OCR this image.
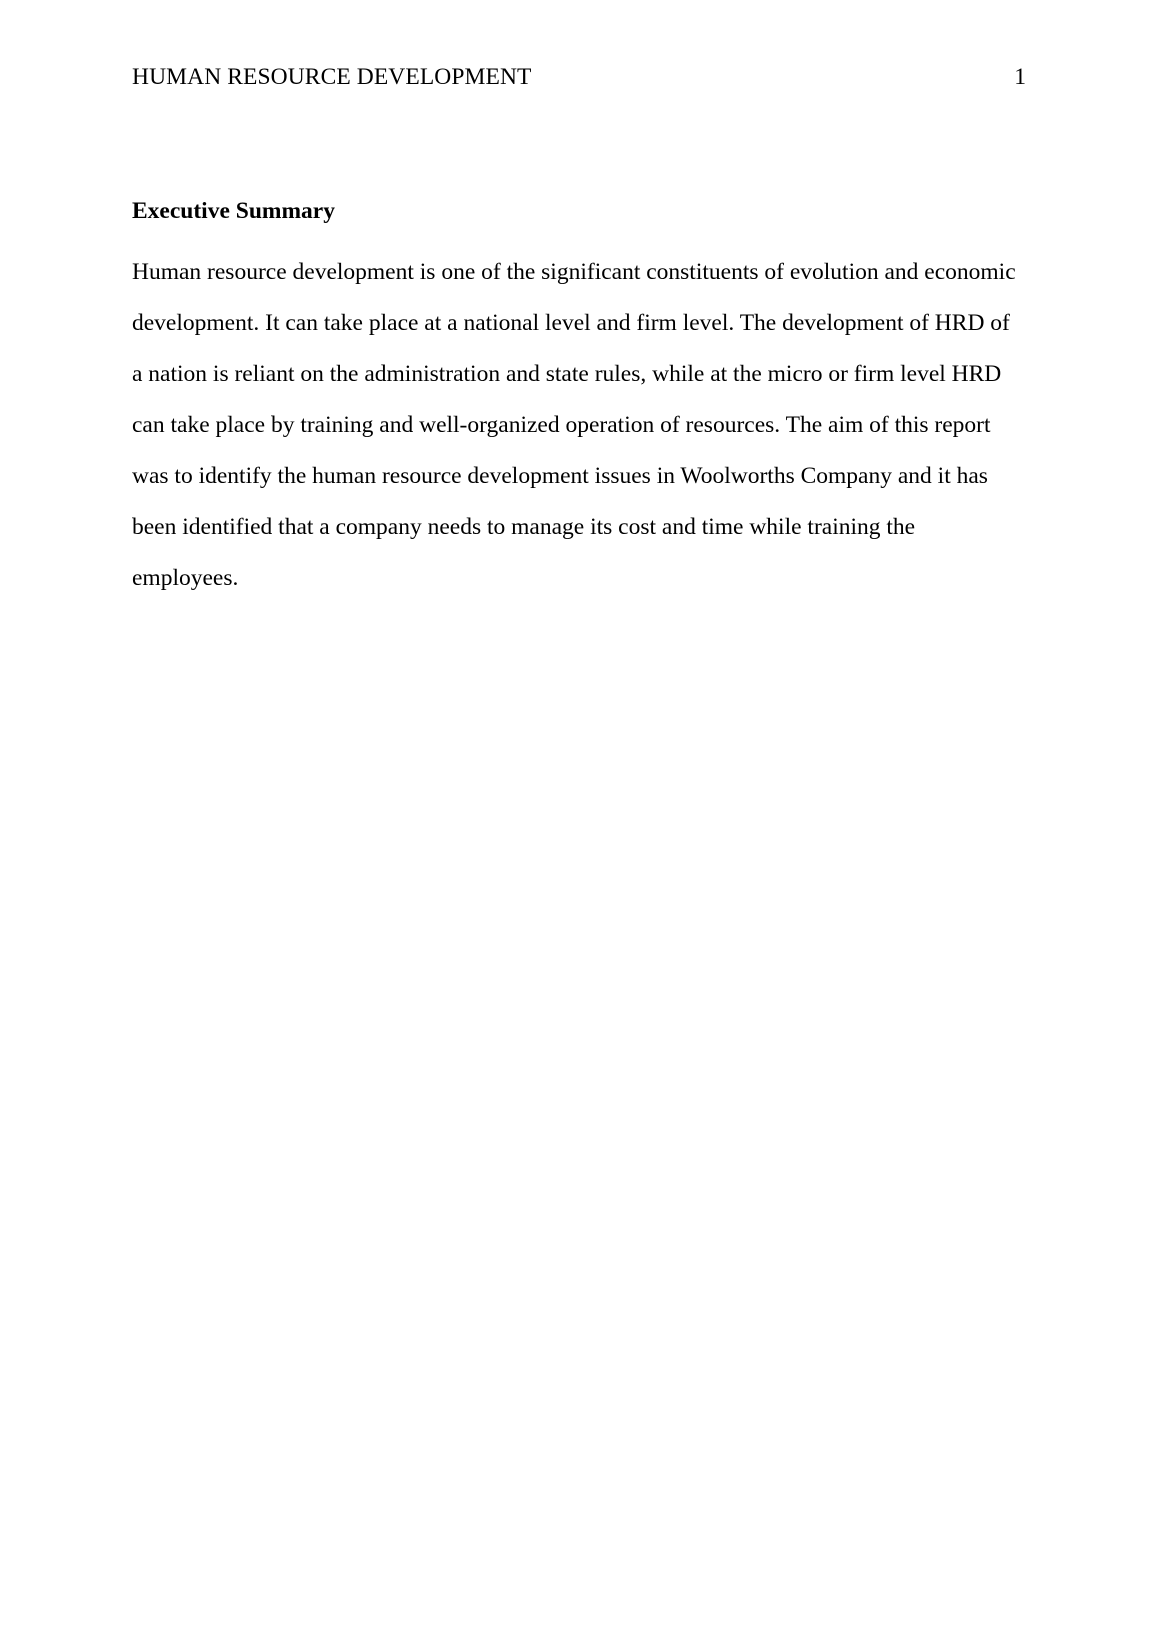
HUMAN RESOURCE DEVELOPMENT	1
Executive Summary

Human resource development is one of the significant constituents of evolution and economic
development. It can take place at a national level and firm level. The development of HRD of
a nation is reliant on the administration and state rules, while at the micro or firm level HRD
can take place by training and well-organized operation of resources. The aim of this report
was to identify the human resource development issues in Woolworths Company and it has
been identified that a company needs to manage its cost and time while training the
employees.
